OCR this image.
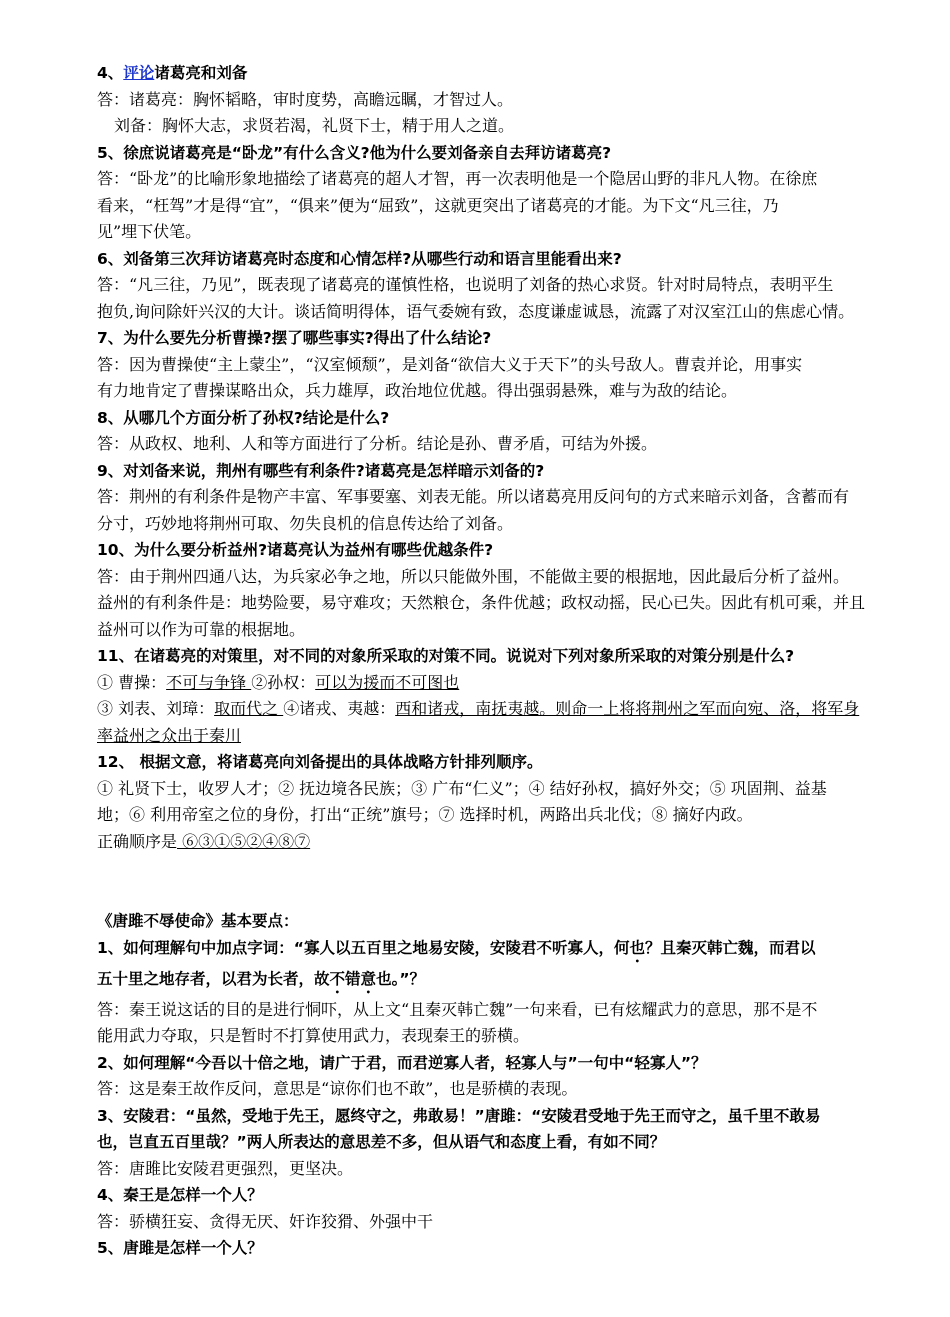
4、评论诸葛亮和刘备
答：诸葛亮：胸怀韬略，审时度势，高瞻远瞩，才智过人。
刘备：胸怀大志，求贤若渴，礼贤下士，精于用人之道。
5、徐庶说诸葛亮是“卧龙”有什么含义?他为什么要刘备亲自去拜访诸葛亮?
答：“卧龙”的比喻形象地描绘了诸葛亮的超人才智，再一次表明他是一个隐居山野的非凡人物。在徐庶
看来，“枉驾”才是得“宜”，“俱来”便为“屈致”，这就更突出了诸葛亮的才能。为下文“凡三往，乃
见”埋下伏笔。
6、刘备第三次拜访诸葛亮时态度和心情怎样?从哪些行动和语言里能看出来?
答：“凡三往，乃见”，既表现了诸葛亮的谨慎性格，也说明了刘备的热心求贤。针对时局特点，表明平生
抱负,询问除奸兴汉的大计。谈话简明得体，语气委婉有致，态度谦虚诚恳，流露了对汉室江山的焦虑心情。
7、为什么要先分析曹操?摆了哪些事实?得出了什么结论?
答：因为曹操使“主上蒙尘”，“汉室倾颓”，是刘备“欲信大义于天下”的头号敌人。曹袁并论，用事实
有力地肯定了曹操谋略出众，兵力雄厚，政治地位优越。得出强弱悬殊，难与为敌的结论。
8、从哪几个方面分析了孙权?结论是什么?
答：从政权、地利、人和等方面进行了分析。结论是孙、曹矛盾，可结为外援。
9、对刘备来说，荆州有哪些有利条件?诸葛亮是怎样暗示刘备的?
答：荆州的有利条件是物产丰富、军事要塞、刘表无能。所以诸葛亮用反问句的方式来暗示刘备，含蓄而有
分寸，巧妙地将荆州可取、勿失良机的信息传达给了刘备。
10、为什么要分析益州?诸葛亮认为益州有哪些优越条件?
答：由于荆州四通八达，为兵家必争之地，所以只能做外围，不能做主要的根据地，因此最后分析了益州。
益州的有利条件是：地势险要，易守难攻；天然粮仓，条件优越；政权动摇，民心已失。因此有机可乘，并且
益州可以作为可靠的根据地。
11、在诸葛亮的对策里，对不同的对象所采取的对策不同。说说对下列对象所采取的对策分别是什么?
① 曹操：不可与争锋 ②孙权：可以为援而不可图也
③ 刘表、刘璋：取而代之 ④诸戎、夷越：西和诸戎，南抚夷越。则命一上将将荆州之军而向宛、洛，将军身
率益州之众出于秦川
12、 根据文意，将诸葛亮向刘备提出的具体战略方针排列顺序。
① 礼贤下士，收罗人才；② 抚边境各民族；③ 广布“仁义”；④ 结好孙权，搞好外交；⑤ 巩固荆、益基
地；⑥ 利用帝室之位的身份，打出“正统”旗号；⑦ 选择时机，两路出兵北伐；⑧ 摘好内政。
正确顺序是 ⑥③①⑤②④⑧⑦
《唐雎不辱使命》基本要点：
1、如何理解句中加点字词：“寡人以五百里之地易安陵，安陵君不听寡人，何也？且秦灭韩亡魏，而君以
五十里之地存者，以君为长者，故不错意也。”？
答：秦王说这话的目的是进行恫吓，从上文“且秦灭韩亡魏”一句来看，已有炫耀武力的意思，那不是不
能用武力夺取，只是暂时不打算使用武力，表现秦王的骄横。
2、如何理解“今吾以十倍之地，请广于君，而君逆寡人者，轻寡人与”一句中“轻寡人”？
答：这是秦王故作反问，意思是“谅你们也不敢”，也是骄横的表现。
3、安陵君：“虽然，受地于先王，愿终守之，弗敢易！”唐雎：“安陵君受地于先王而守之，虽千里不敢易
也，岂直五百里哉？”两人所表达的意思差不多，但从语气和态度上看，有如不同？
答：唐雎比安陵君更强烈，更坚决。
4、秦王是怎样一个人？
答：骄横狂妄、贪得无厌、奸诈狡猾、外强中干
5、唐雎是怎样一个人？
